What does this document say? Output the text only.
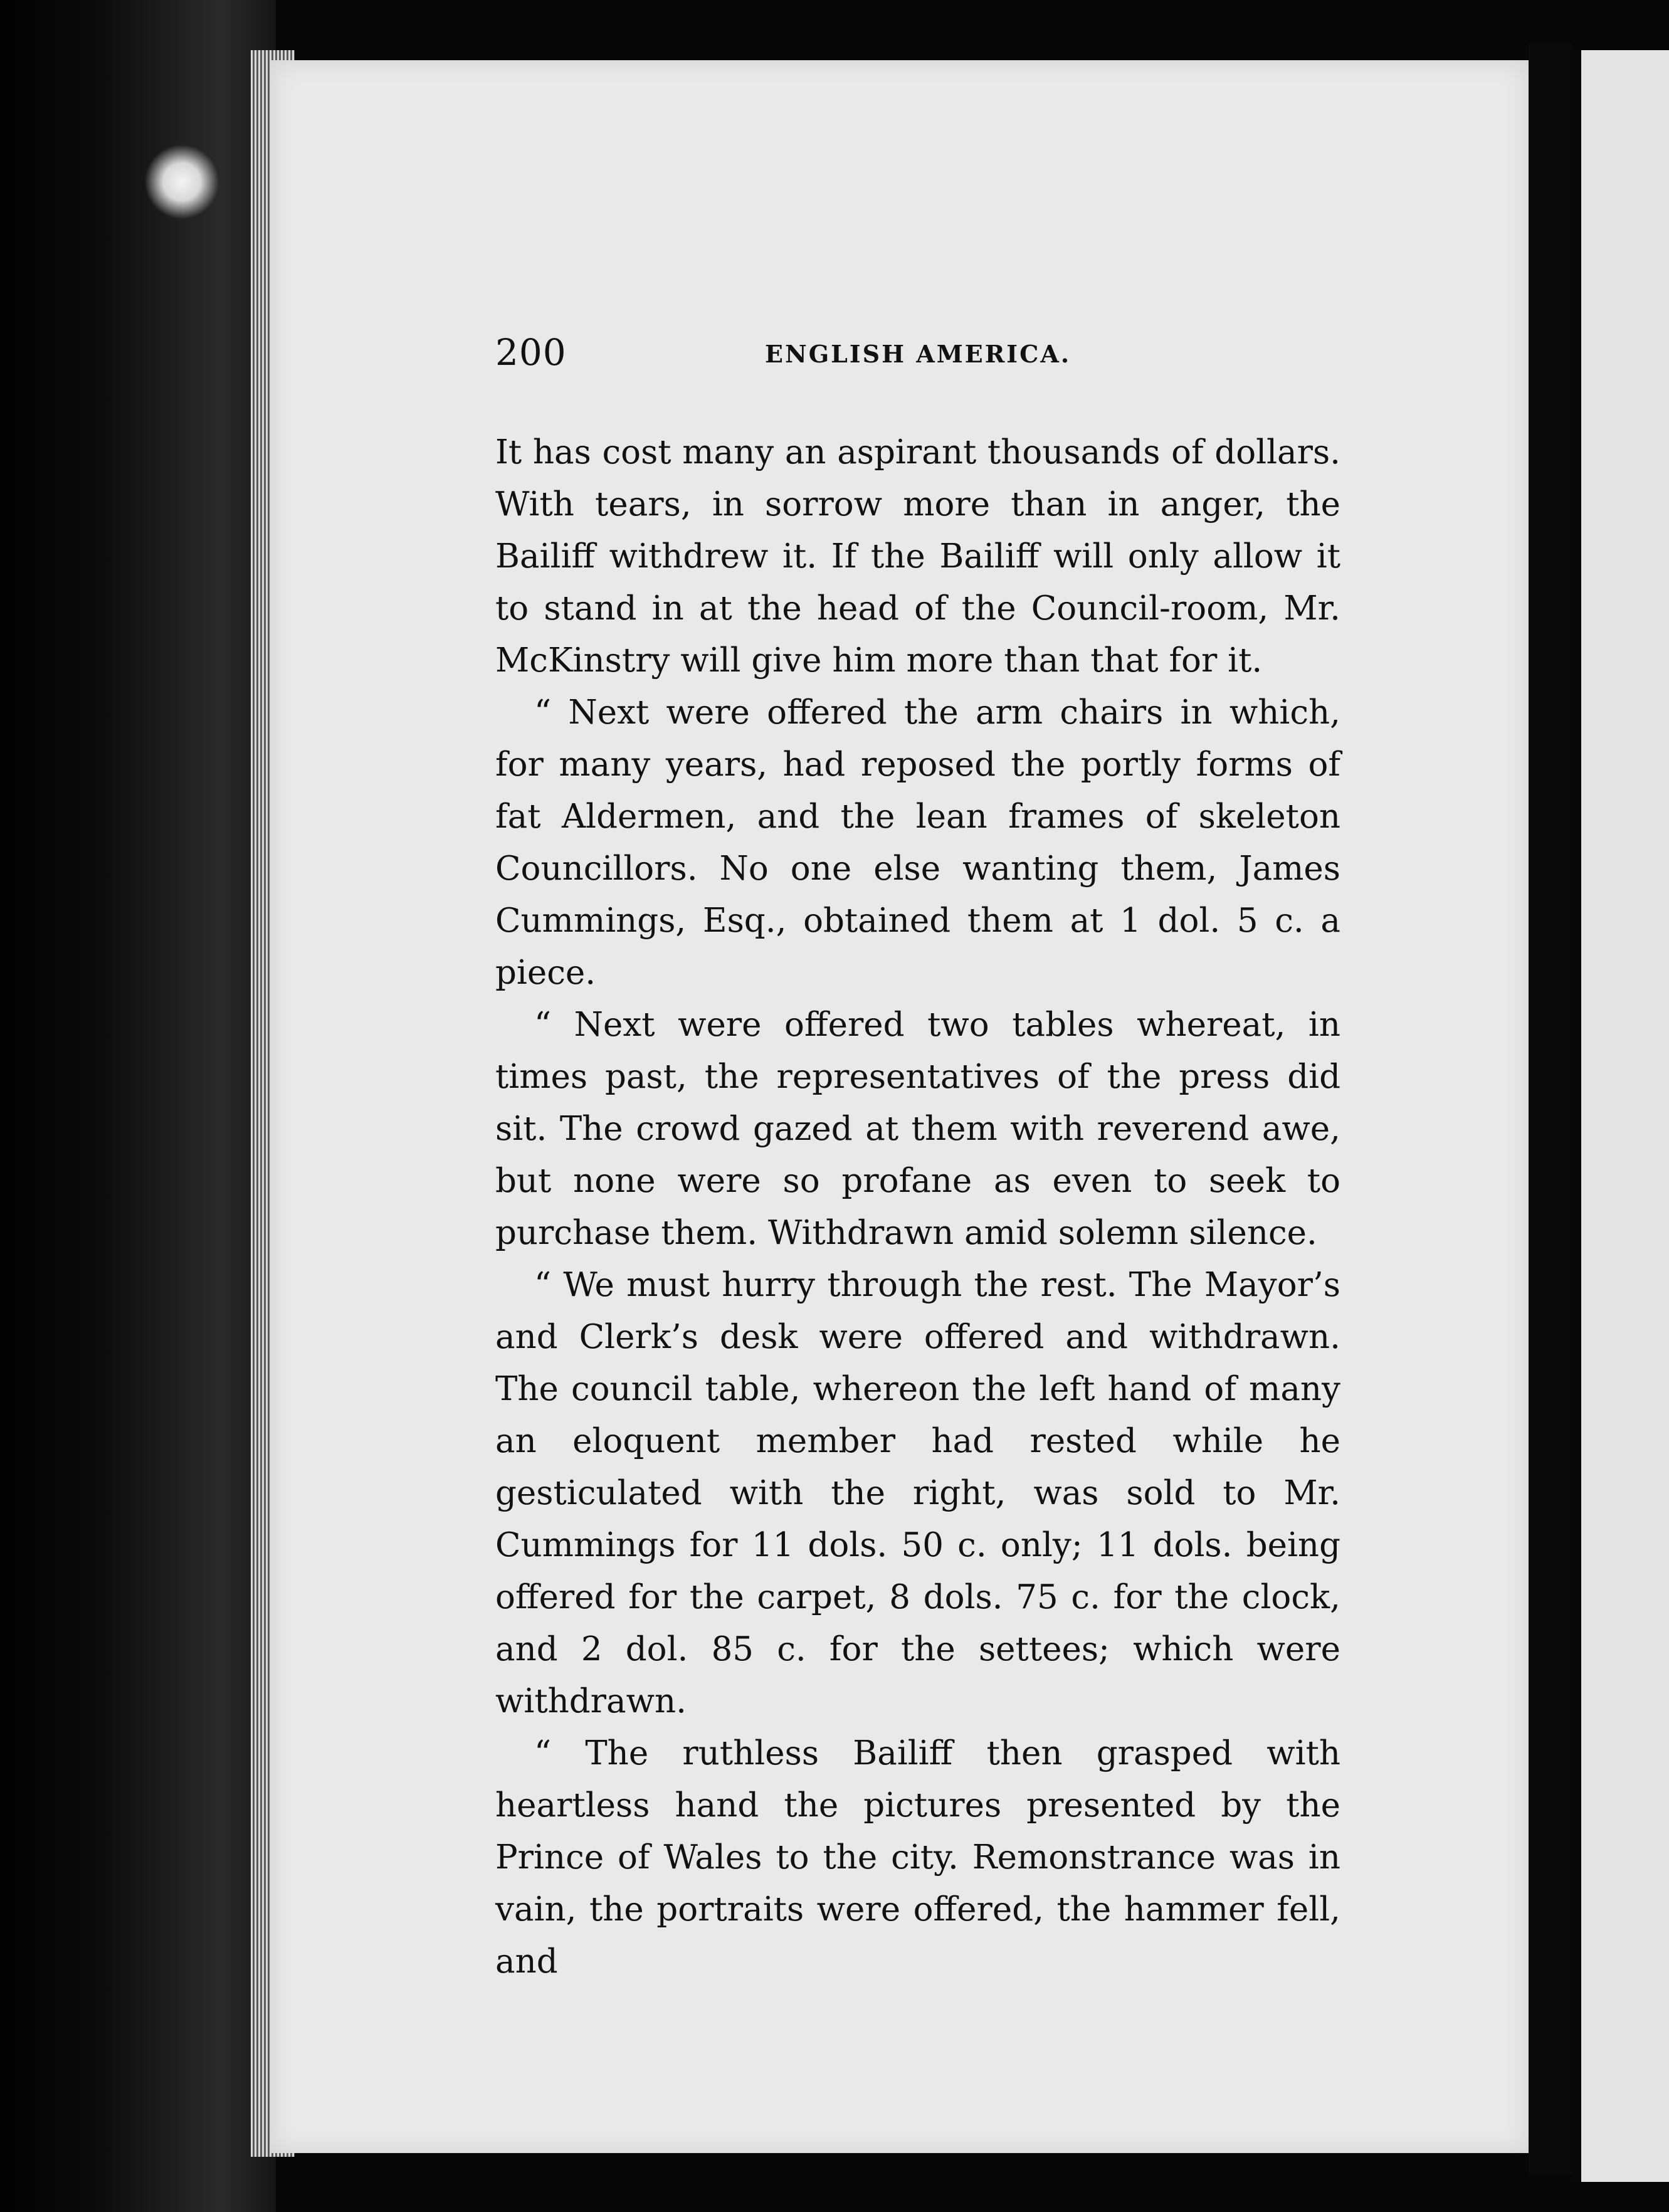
200	ENGLISH AMERICA.

It has cost many an aspirant thousands of dollars. With tears, in sorrow more than in anger, the Bailiff withdrew it. If the Bailiff will only allow it to stand in at the head of the Council-room, Mr. McKinstry will give him more than that for it.

“ Next were offered the arm chairs in which, for many years, had reposed the portly forms of fat Aldermen, and the lean frames of skeleton Councillors. No one else wanting them, James Cummings, Esq., obtained them at 1 dol. 5 c. a piece.

“ Next were offered two tables whereat, in times past, the representatives of the press did sit. The crowd gazed at them with reverend awe, but none were so profane as even to seek to purchase them. Withdrawn amid solemn silence.

“ We must hurry through the rest. The Mayor’s and Clerk’s desk were offered and withdrawn. The council table, whereon the left hand of many an eloquent member had rested while he gesticulated with the right, was sold to Mr. Cummings for 11 dols. 50 c. only; 11 dols. being offered for the carpet, 8 dols. 75 c. for the clock, and 2 dol. 85 c. for the settees; which were withdrawn.

“ The ruthless Bailiff then grasped with heartless hand the pictures presented by the Prince of Wales to the city. Remonstrance was in vain, the portraits were offered, the hammer fell, and
